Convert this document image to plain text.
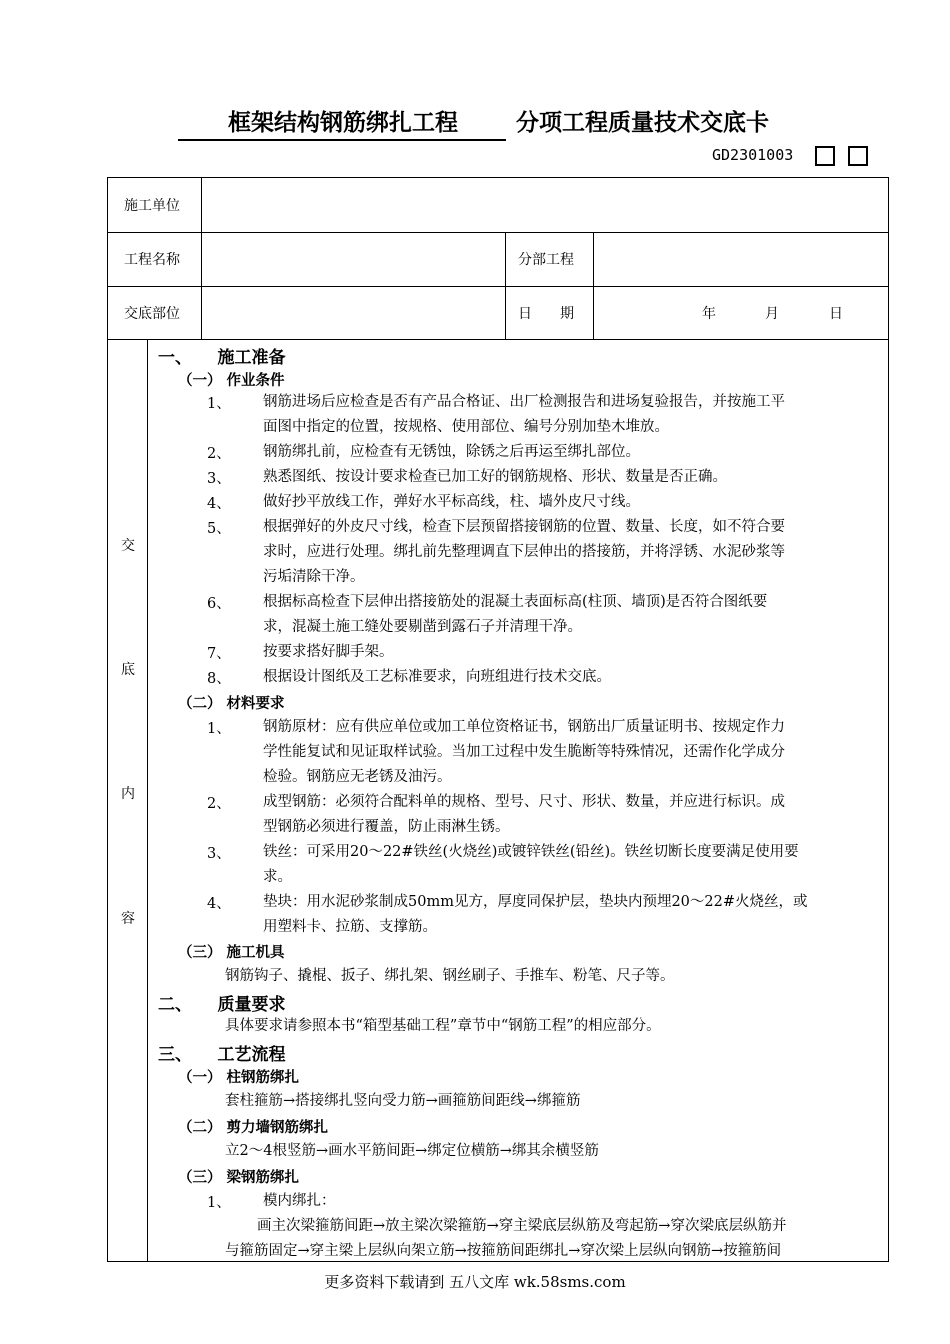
框架结构钢筋绑扎工程	分项工程质量技术交底卡
GD2301003
施工单位
工程名称	分部工程
交底部位	日　　期	年	月	日
交
底
内
容
一、　　施工准备
（一） 作业条件
1、 钢筋进场后应检查是否有产品合格证、出厂检测报告和进场复验报告，并按施工平
面图中指定的位置，按规格、使用部位、编号分别加垫木堆放。
2、 钢筋绑扎前，应检查有无锈蚀，除锈之后再运至绑扎部位。
3、 熟悉图纸、按设计要求检查已加工好的钢筋规格、形状、数量是否正确。
4、 做好抄平放线工作，弹好水平标高线，柱、墙外皮尺寸线。
5、 根据弹好的外皮尺寸线，检查下层预留搭接钢筋的位置、数量、长度，如不符合要
求时，应进行处理。绑扎前先整理调直下层伸出的搭接筋，并将浮锈、水泥砂浆等
污垢清除干净。
6、 根据标高检查下层伸出搭接筋处的混凝土表面标高(柱顶、墙顶)是否符合图纸要
求，混凝土施工缝处要剔凿到露石子并清理干净。
7、 按要求搭好脚手架。
8、 根据设计图纸及工艺标准要求，向班组进行技术交底。
（二） 材料要求
1、 钢筋原材：应有供应单位或加工单位资格证书，钢筋出厂质量证明书、按规定作力
学性能复试和见证取样试验。当加工过程中发生脆断等特殊情况，还需作化学成分
检验。钢筋应无老锈及油污。
2、 成型钢筋：必须符合配料单的规格、型号、尺寸、形状、数量，并应进行标识。成
型钢筋必须进行覆盖，防止雨淋生锈。
3、 铁丝：可采用20～22#铁丝(火烧丝)或镀锌铁丝(铅丝)。铁丝切断长度要满足使用要
求。
4、 垫块：用水泥砂浆制成50mm见方，厚度同保护层，垫块内预埋20～22#火烧丝，或
用塑料卡、拉筋、支撑筋。
（三） 施工机具
钢筋钩子、撬棍、扳子、绑扎架、钢丝刷子、手推车、粉笔、尺子等。
二、　　质量要求
具体要求请参照本书“箱型基础工程”章节中“钢筋工程”的相应部分。
三、　　工艺流程
（一） 柱钢筋绑扎
套柱箍筋→搭接绑扎竖向受力筋→画箍筋间距线→绑箍筋
（二） 剪力墙钢筋绑扎
立2～4根竖筋→画水平筋间距→绑定位横筋→绑其余横竖筋
（三） 梁钢筋绑扎
1、 模内绑扎：
画主次梁箍筋间距→放主梁次梁箍筋→穿主梁底层纵筋及弯起筋→穿次梁底层纵筋并
与箍筋固定→穿主梁上层纵向架立筋→按箍筋间距绑扎→穿次梁上层纵向钢筋→按箍筋间
更多资料下载请到 五八文库 wk.58sms.com
